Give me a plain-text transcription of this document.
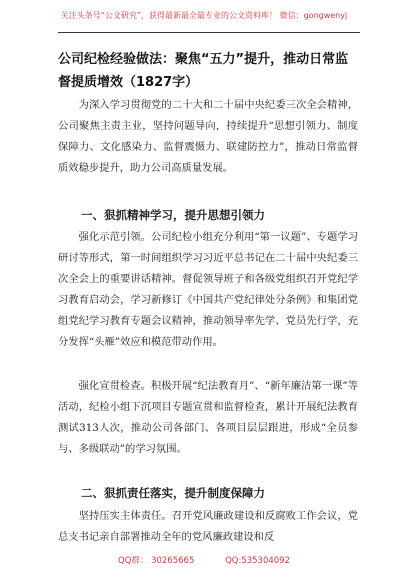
关注头条号“公文研究”，获得最新最全最专业的公文资料库！ 微信：gongwenyj
公司纪检经验做法：聚焦“五力”提升，推动日常监督提质增效（1827字）
为深入学习贯彻党的二十大和二十届中央纪委三次全会精神，公司聚焦主责主业，坚持问题导向，持续提升“思想引领力、制度保障力、文化感染力、监督震慑力、联建防控力”，推动日常监督质效稳步提升，助力公司高质量发展。
一、狠抓精神学习，提升思想引领力
强化示范引领。公司纪检小组充分利用“第一议题”、专题学习研讨等形式，第一时间组织学习习近平总书记在二十届中央纪委三次全会上的重要讲话精神。督促领导班子和各级党组织召开党纪学习教育启动会，学习新修订《中国共产党纪律处分条例》和集团党组党纪学习教育专题会议精神，推动领导率先学、党员先行学，充分发挥“头雁”效应和模范带动作用。
强化宣贯检查。积极开展“纪法教育月”、“新年廉洁第一课”等活动，纪检小组下沉项目专题宣贯和监督检查，累计开展纪法教育测试313人次，推动公司各部门、各项目层层跟进，形成“全员参与、多级联动”的学习氛围。
二、狠抓责任落实，提升制度保障力
坚持压实主体责任。召开党风廉政建设和反腐败工作会议，党总支书记亲自部署推动全年的党风廉政建设和反
QQ群： 30265665	QQ:535304092
